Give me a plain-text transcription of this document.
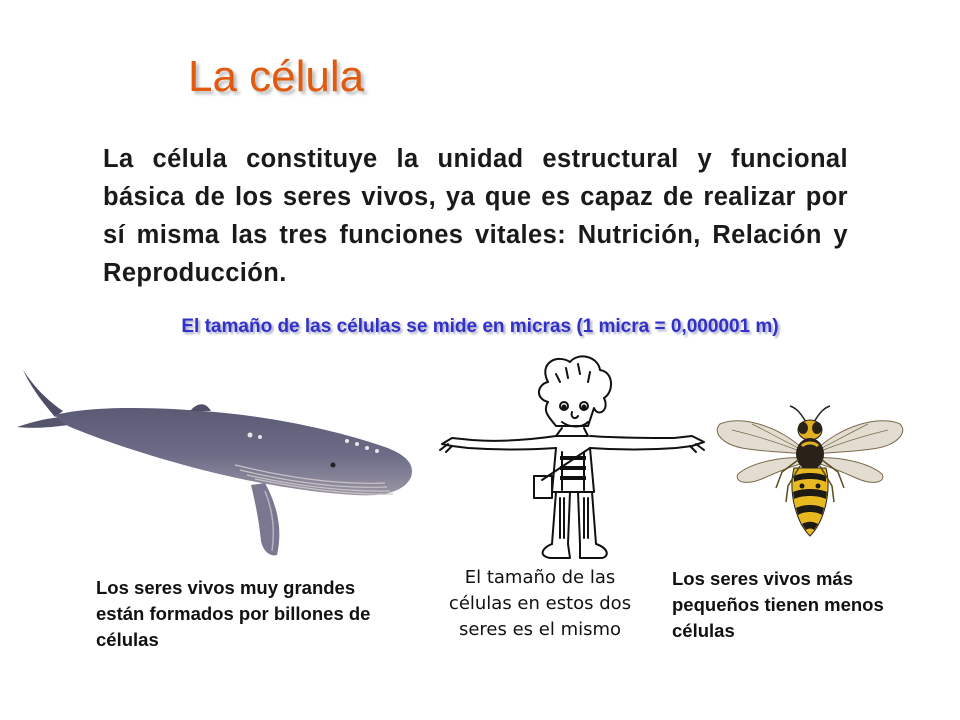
La célula
La célula constituye la unidad estructural y funcional básica de los seres vivos, ya que es capaz de realizar por sí misma las tres funciones vitales: Nutrición, Relación y Reproducción.
El tamaño de las células se mide en micras (1 micra = 0,000001 m)
Los seres vivos muy grandes están formados por billones de células
El tamaño de las células en estos dos seres es el mismo
Los seres vivos más pequeños tienen menos células
